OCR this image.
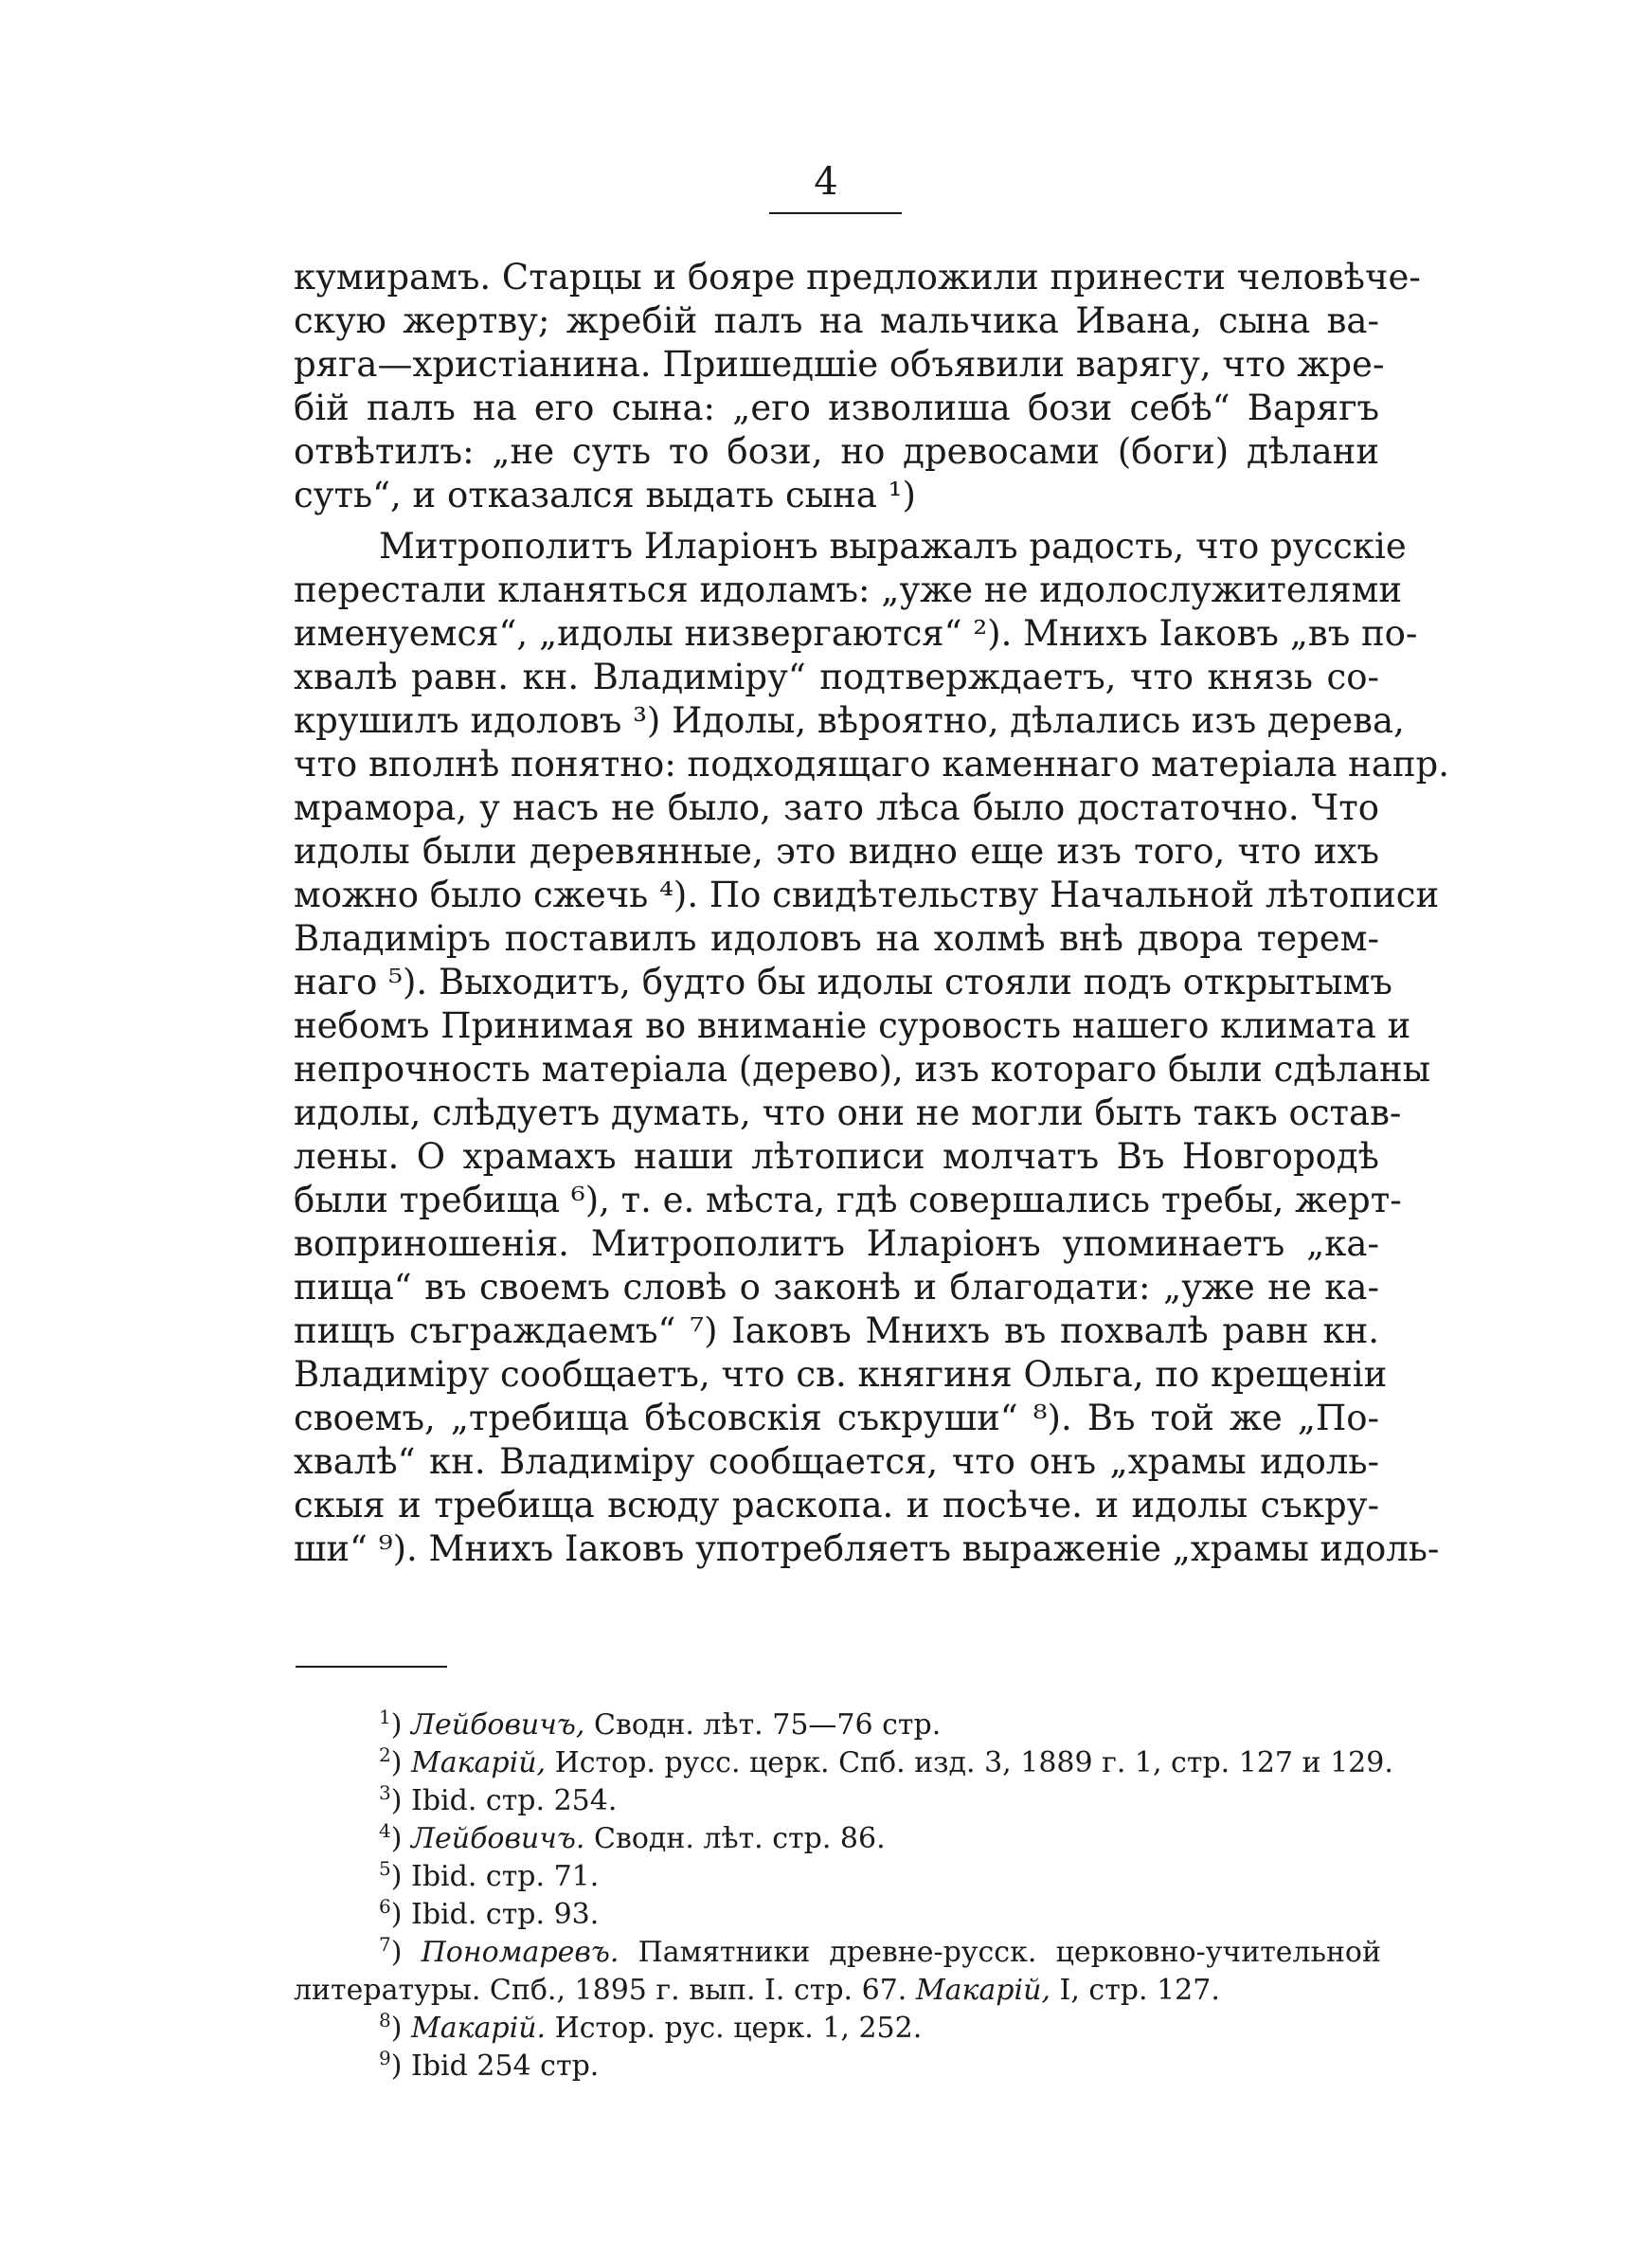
4
кумирамъ. Старцы и бояре предложили принести человѣче-
скую жертву; жребій палъ на мальчика Ивана, сына ва-
ряга—христіанина. Пришедшіе объявили варягу, что жре-
бій палъ на его сына: „его изволиша бози себѣ“ Варягъ
отвѣтилъ: „не суть то бози, но древосами (боги) дѣлани
суть“, и отказался выдать сына ¹)
Митрополитъ Иларіонъ выражалъ радость, что русскіе
перестали кланяться идоламъ: „уже не идолослужителями
именуемся“, „идолы низвергаются“ ²). Мнихъ Іаковъ „въ по-
хвалѣ равн. кн. Владиміру“ подтверждаетъ, что князь со-
крушилъ идоловъ ³) Идолы, вѣроятно, дѣлались изъ дерева,
что вполнѣ понятно: подходящаго каменнаго матеріала напр.
мрамора, у насъ не было, зато лѣса было достаточно. Что
идолы были деревянные, это видно еще изъ того, что ихъ
можно было сжечь ⁴). По свидѣтельству Начальной лѣтописи
Владиміръ поставилъ идоловъ на холмѣ внѣ двора терем-
наго ⁵). Выходитъ, будто бы идолы стояли подъ открытымъ
небомъ Принимая во вниманіе суровость нашего климата и
непрочность матеріала (дерево), изъ котораго были сдѣланы
идолы, слѣдуетъ думать, что они не могли быть такъ остав-
лены. О храмахъ наши лѣтописи молчатъ Въ Новгородѣ
были требища ⁶), т. е. мѣста, гдѣ совершались требы, жерт-
воприношенія. Митрополитъ Иларіонъ упоминаетъ „ка-
пища“ въ своемъ словѣ о законѣ и благодати: „уже не ка-
пищъ съграждаемъ“ ⁷) Іаковъ Мнихъ въ похвалѣ равн кн.
Владиміру сообщаетъ, что св. княгиня Ольга, по крещеніи
своемъ, „требища бѣсовскія съкруши“ ⁸). Въ той же „По-
хвалѣ“ кн. Владиміру сообщается, что онъ „храмы идоль-
скыя и требища всюду раскопа. и посѣче. и идолы съкру-
ши“ ⁹). Мнихъ Іаковъ употребляетъ выраженіе „храмы идоль-
$^1$) Лейбовичъ, Сводн. лѣт. 75—76 стр.
$^2$) Макарій, Истор. русс. церк. Спб. изд. 3, 1889 г. 1, стр. 127 и 129.
$^3$) Ibid. стр. 254.
$^4$) Лейбовичъ. Сводн. лѣт. стр. 86.
$^5$) Ibid. стр. 71.
$^6$) Ibid. стр. 93.
$^7$) Пономаревъ. Памятники древне-русск. церковно-учительной
литературы. Спб., 1895 г. вып. I. стр. 67. Макарій, I, стр. 127.
$^8$) Макарій. Истор. рус. церк. 1, 252.
$^9$) Ibid 254 стр.
